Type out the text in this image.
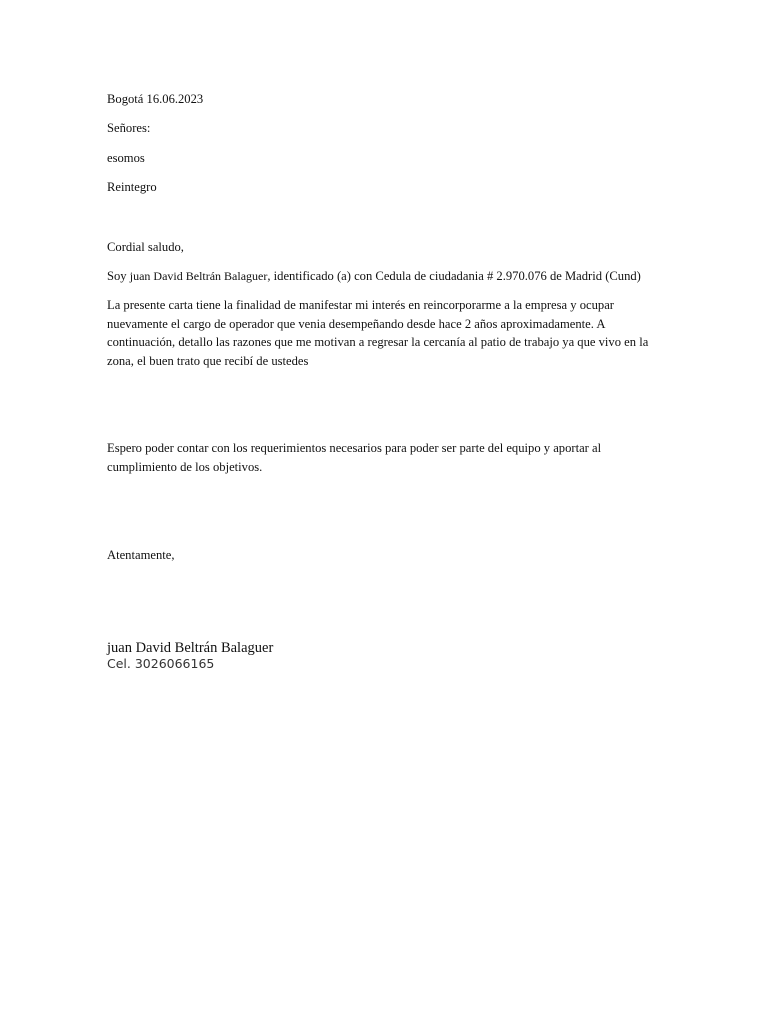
Bogotá 16.06.2023
Señores:
esomos
Reintegro
Cordial saludo,
Soy juan David Beltrán Balaguer, identificado (a) con Cedula de ciudadania # 2.970.076 de Madrid (Cund)
La presente carta tiene la finalidad de manifestar mi interés en reincorporarme a la empresa y ocupar nuevamente el cargo de operador que venia desempeñando desde hace 2 años aproximadamente. A continuación, detallo las razones que me motivan a regresar la cercanía al patio de trabajo ya que vivo en la zona, el buen trato que recibí de ustedes
Espero poder contar con los requerimientos necesarios para poder ser parte del equipo y aportar al cumplimiento de los objetivos.
Atentamente,
juan David Beltrán Balaguer
Cel. 3026066165
